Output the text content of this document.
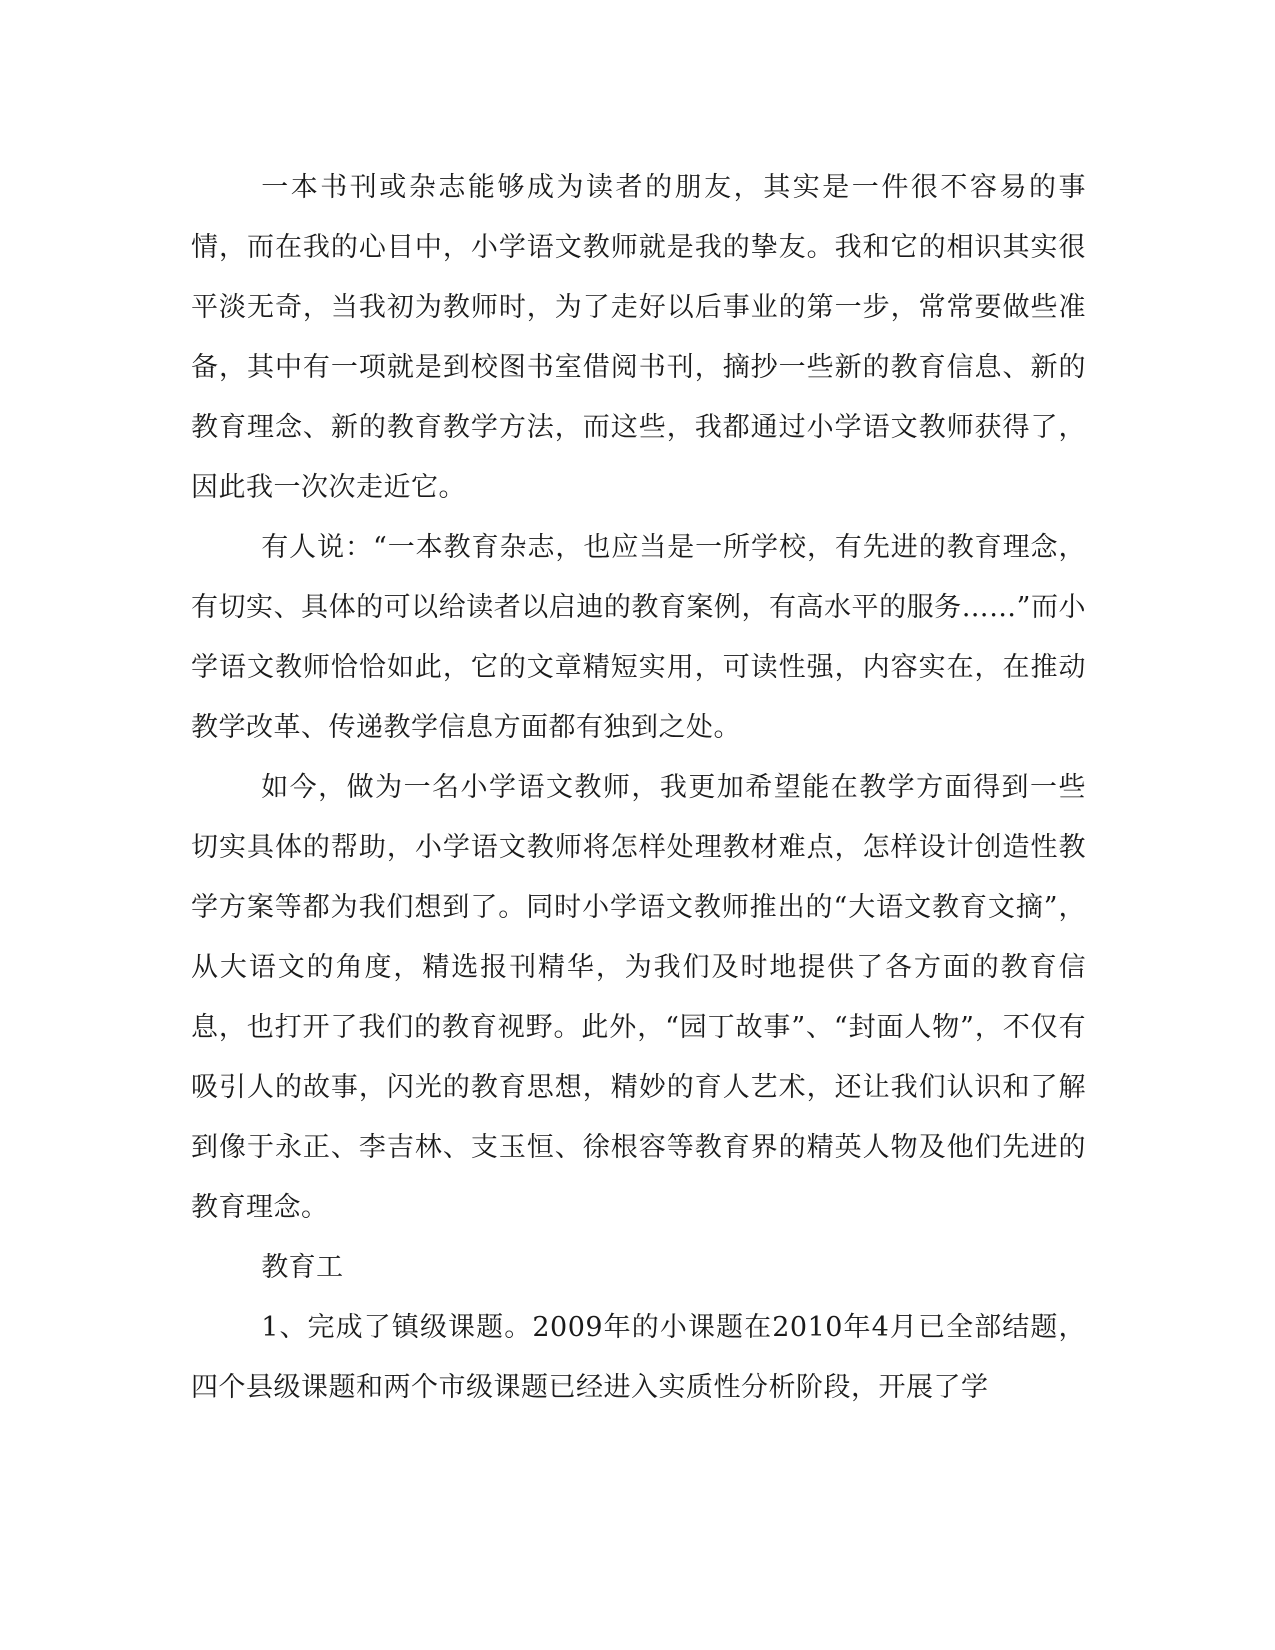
一本书刊或杂志能够成为读者的朋友，其实是一件很不容易的事情，而在我的心目中，小学语文教师就是我的挚友。我和它的相识其实很平淡无奇，当我初为教师时，为了走好以后事业的第一步，常常要做些准备，其中有一项就是到校图书室借阅书刊，摘抄一些新的教育信息、新的教育理念、新的教育教学方法，而这些，我都通过小学语文教师获得了，因此我一次次走近它。

有人说：“一本教育杂志，也应当是一所学校，有先进的教育理念，有切实、具体的可以给读者以启迪的教育案例，有高水平的服务……”而小学语文教师恰恰如此，它的文章精短实用，可读性强，内容实在，在推动教学改革、传递教学信息方面都有独到之处。

如今，做为一名小学语文教师，我更加希望能在教学方面得到一些切实具体的帮助，小学语文教师将怎样处理教材难点，怎样设计创造性教学方案等都为我们想到了。同时小学语文教师推出的“大语文教育文摘”，从大语文的角度，精选报刊精华，为我们及时地提供了各方面的教育信息，也打开了我们的教育视野。此外，“园丁故事”、“封面人物”，不仅有吸引人的故事，闪光的教育思想，精妙的育人艺术，还让我们认识和了解到像于永正、李吉林、支玉恒、徐根容等教育界的精英人物及他们先进的教育理念。

教育工

1、完成了镇级课题。2009年的小课题在2010年4月已全部结题，四个县级课题和两个市级课题已经进入实质性分析阶段，开展了学
